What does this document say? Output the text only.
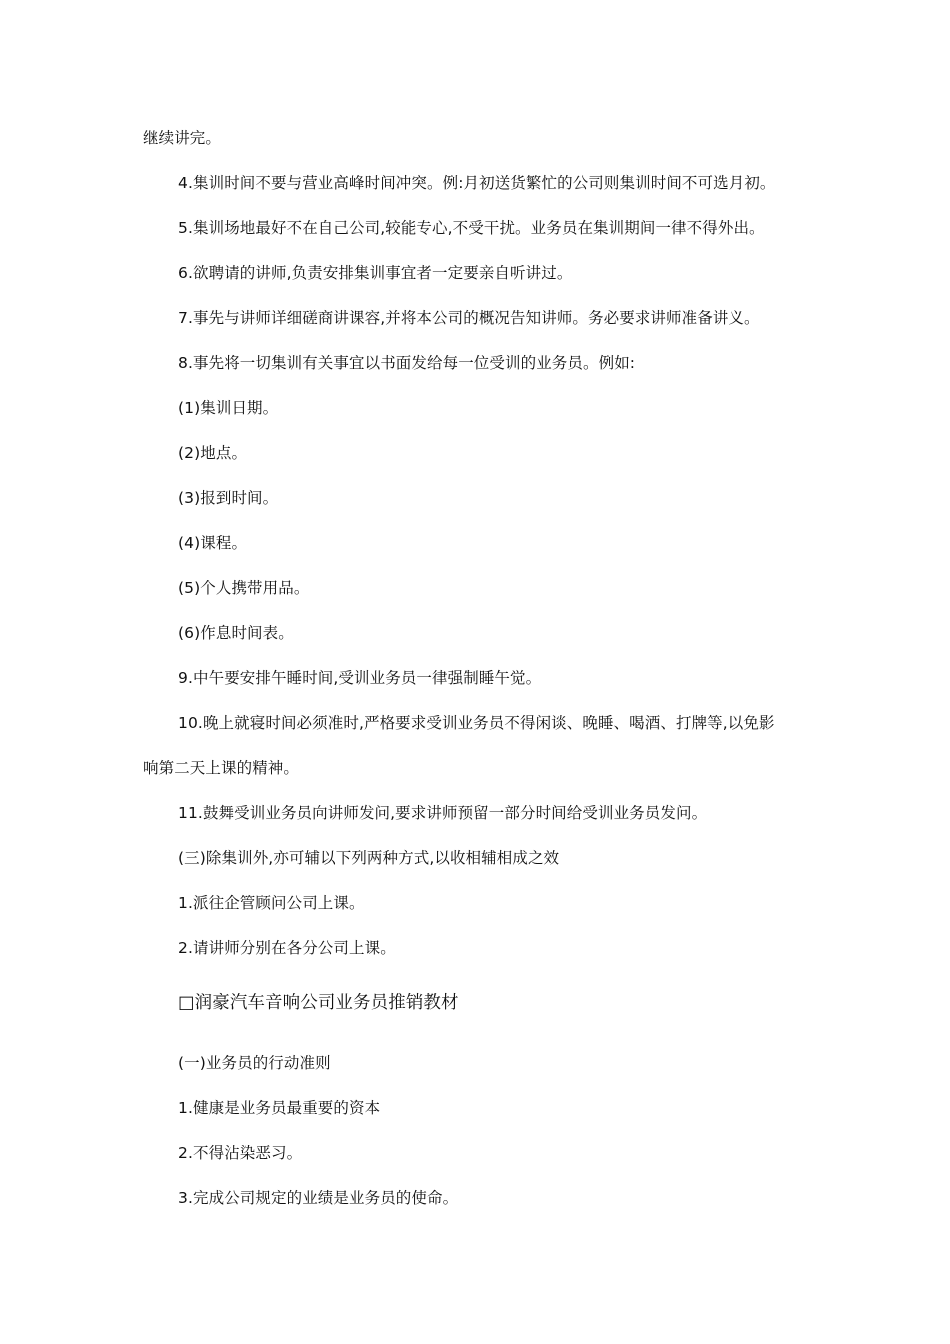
继续讲完。
4.集训时间不要与营业高峰时间冲突。例:月初送货繁忙的公司则集训时间不可选月初。
5.集训场地最好不在自己公司,较能专心,不受干扰。业务员在集训期间一律不得外出。
6.欲聘请的讲师,负责安排集训事宜者一定要亲自听讲过。
7.事先与讲师详细磋商讲课容,并将本公司的概况告知讲师。务必要求讲师准备讲义。
8.事先将一切集训有关事宜以书面发给每一位受训的业务员。例如:
(1)集训日期。
(2)地点。
(3)报到时间。
(4)课程。
(5)个人携带用品。
(6)作息时间表。
9.中午要安排午睡时间,受训业务员一律强制睡午觉。
10.晚上就寝时间必须准时,严格要求受训业务员不得闲谈、晚睡、喝酒、打牌等,以免影
响第二天上课的精神。
11.鼓舞受训业务员向讲师发问,要求讲师预留一部分时间给受训业务员发问。
(三)除集训外,亦可辅以下列两种方式,以收相辅相成之效
1.派往企管顾问公司上课。
2.请讲师分别在各分公司上课。
□润豪汽车音响公司业务员推销教材
(一)业务员的行动准则
1.健康是业务员最重要的资本
2.不得沾染恶习。
3.完成公司规定的业绩是业务员的使命。
